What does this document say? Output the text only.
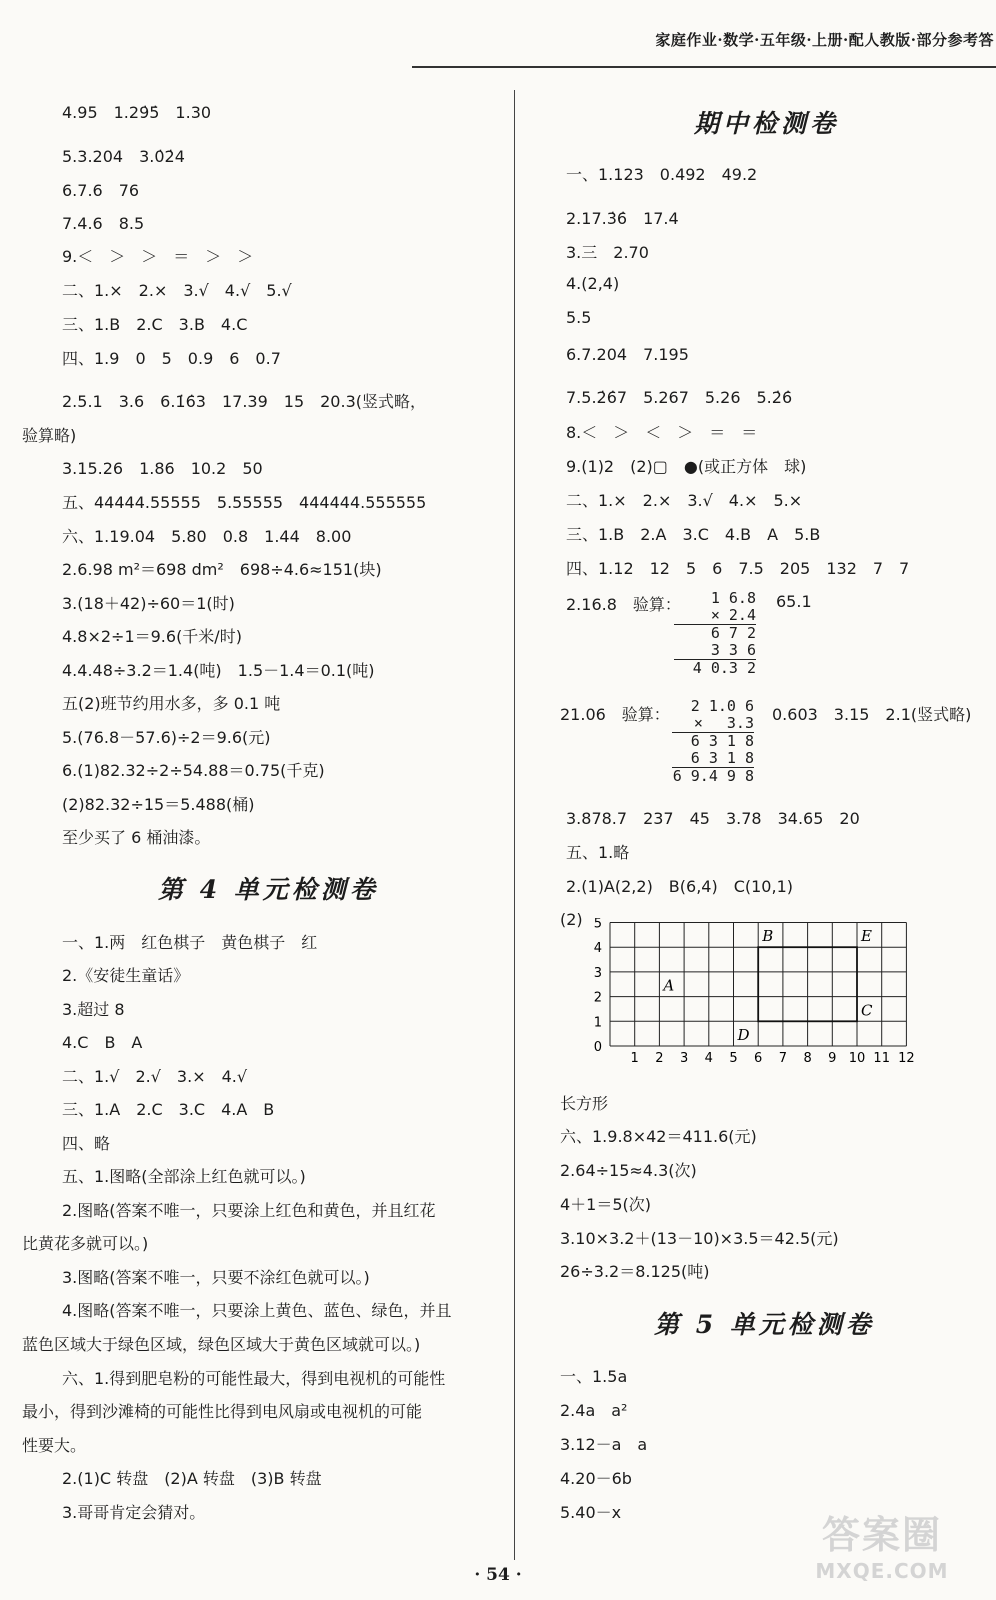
家庭作业·数学·五年级·上册·配人教版·部分参考答
4.95　1.29̇5̇　1.30
5.3.204　3.0̇2̇4
6.7.6　76
7.4.6　8.5
9.＜　＞　＞　＝　＞　＞
二、1.×　2.×　3.√　4.√　5.√
三、1.B　2.C　3.B　4.C
四、1.9　0　5　0.9　6　0.7
2.5.1　3.6　6.1̇6̇3　17.39　15　20.3(竖式略，
验算略)
3.15.26　1.86　10.2　50
五、44444.55555　5.55555　444444.555555
六、1.19.04　5.80　0.8　1.44　8.00
2.6.98 m²＝698 dm²　698÷4.6≈151(块)
3.(18＋42)÷60＝1(时)
4.8×2÷1＝9.6(千米/时)
4.4.48÷3.2＝1.4(吨)　1.5－1.4＝0.1(吨)
五(2)班节约用水多，多 0.1 吨
5.(76.8－57.6)÷2＝9.6(元)
6.(1)82.32÷2÷54.88＝0.75(千克)
(2)82.32÷15＝5.488(桶)
至少买了 6 桶油漆。
第 4 单元检测卷
一、1.两　红色棋子　黄色棋子　红
2.《安徒生童话》
3.超过 8
4.C　B　A
二、1.√　2.√　3.×　4.√
三、1.A　2.C　3.C　4.A　B
四、略
五、1.图略(全部涂上红色就可以。)
2.图略(答案不唯一，只要涂上红色和黄色，并且红花
比黄花多就可以。)
3.图略(答案不唯一，只要不涂红色就可以。)
4.图略(答案不唯一，只要涂上黄色、蓝色、绿色，并且
蓝色区域大于绿色区域，绿色区域大于黄色区域就可以。)
六、1.得到肥皂粉的可能性最大，得到电视机的可能性
最小，得到沙滩椅的可能性比得到电风扇或电视机的可能
性要大。
2.(1)C 转盘　(2)A 转盘　(3)B 转盘
3.哥哥肯定会猜对。
期中检测卷
一、1.123　0.492　49.2
2.17.3̇6̇　17.4
3.三　2.70
4.(2,4)
5.5
6.7.204　7.195
7.5.2̇6̇7　5.267　5.26　5.2̇6̇
8.＜　＞　＜　＞　＝　＝
9.(1)2　(2)▢　●(或正方体　球)
二、1.×　2.×　3.√　4.×　5.×
三、1.B　2.A　3.C　4.B　A　5.B
四、1.12　12　5　6　7.5　205　132　7　7
2.16.8　验算：	1 6.8
× 2.4
6 7 2
3 3 6
4 0.3 2
65.1
21.06　验算：	2 1.0 6
×　 3.3
6 3 1 8
6 3 1 8
6 9.4 9 8
0.603　3.15　2.1(竖式略)
3.878.7　237　45　3.78　34.65　20
五、1.略
2.(1)A(2,2)　B(6,4)　C(10,1)
(2)
长方形
六、1.9.8×42＝411.6(元)
2.64÷15≈4.3(次)
4＋1＝5(次)
3.10×3.2＋(13－10)×3.5＝42.5(元)
26÷3.2＝8.125(吨)
第 5 单元检测卷
一、1.5a
2.4a　a²
3.12－a　a
4.20－6b
5.40－x
1 2 3 4 5 6 7 8 9 10 11 12
0
1
2
3
4
5
A
B
C
D
E
· 54 ·
答案圈
MXQE.COM
